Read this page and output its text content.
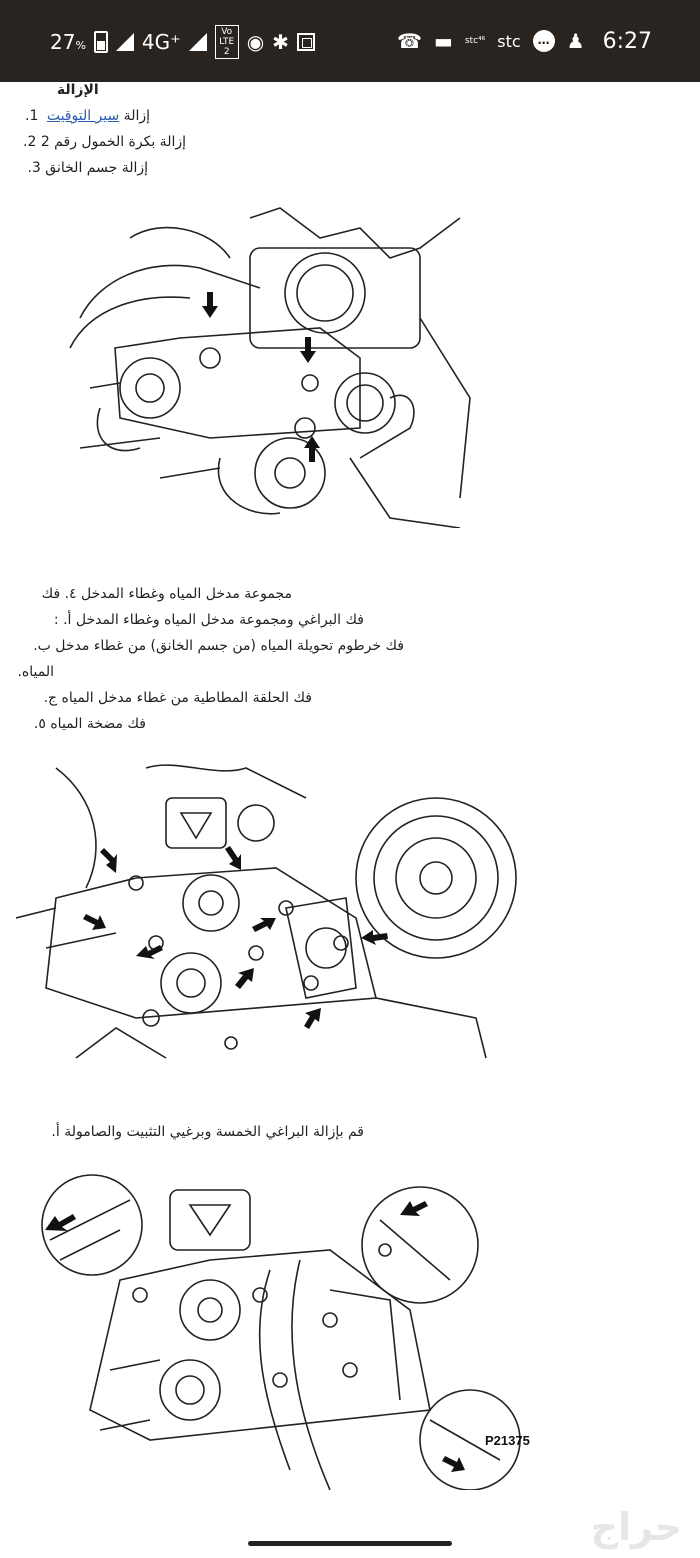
27%	4G⁺	Vo LTE 2 ◉ ✱	☎ ▬ stc⁴⁶ stc	… ♟ 6:27
الإزالة
إزالة سير التوقيت 1.
إزالة بكرة الخمول رقم 2 2.
إزالة جسم الخانق 3.
مجموعة مدخل المياه وغطاء المدخل ٤. فك
فك البراغي ومجموعة مدخل المياه وغطاء المدخل أ. :
فك خرطوم تحويلة المياه (من جسم الخانق) من غطاء مدخل ب.
المياه.
فك الحلقة المطاطية من غطاء مدخل المياه ج.
فك مضخة المياه ٥.
قم بإزالة البراغي الخمسة وبرغيي التثبيت والصامولة أ.
P21375
حراج
